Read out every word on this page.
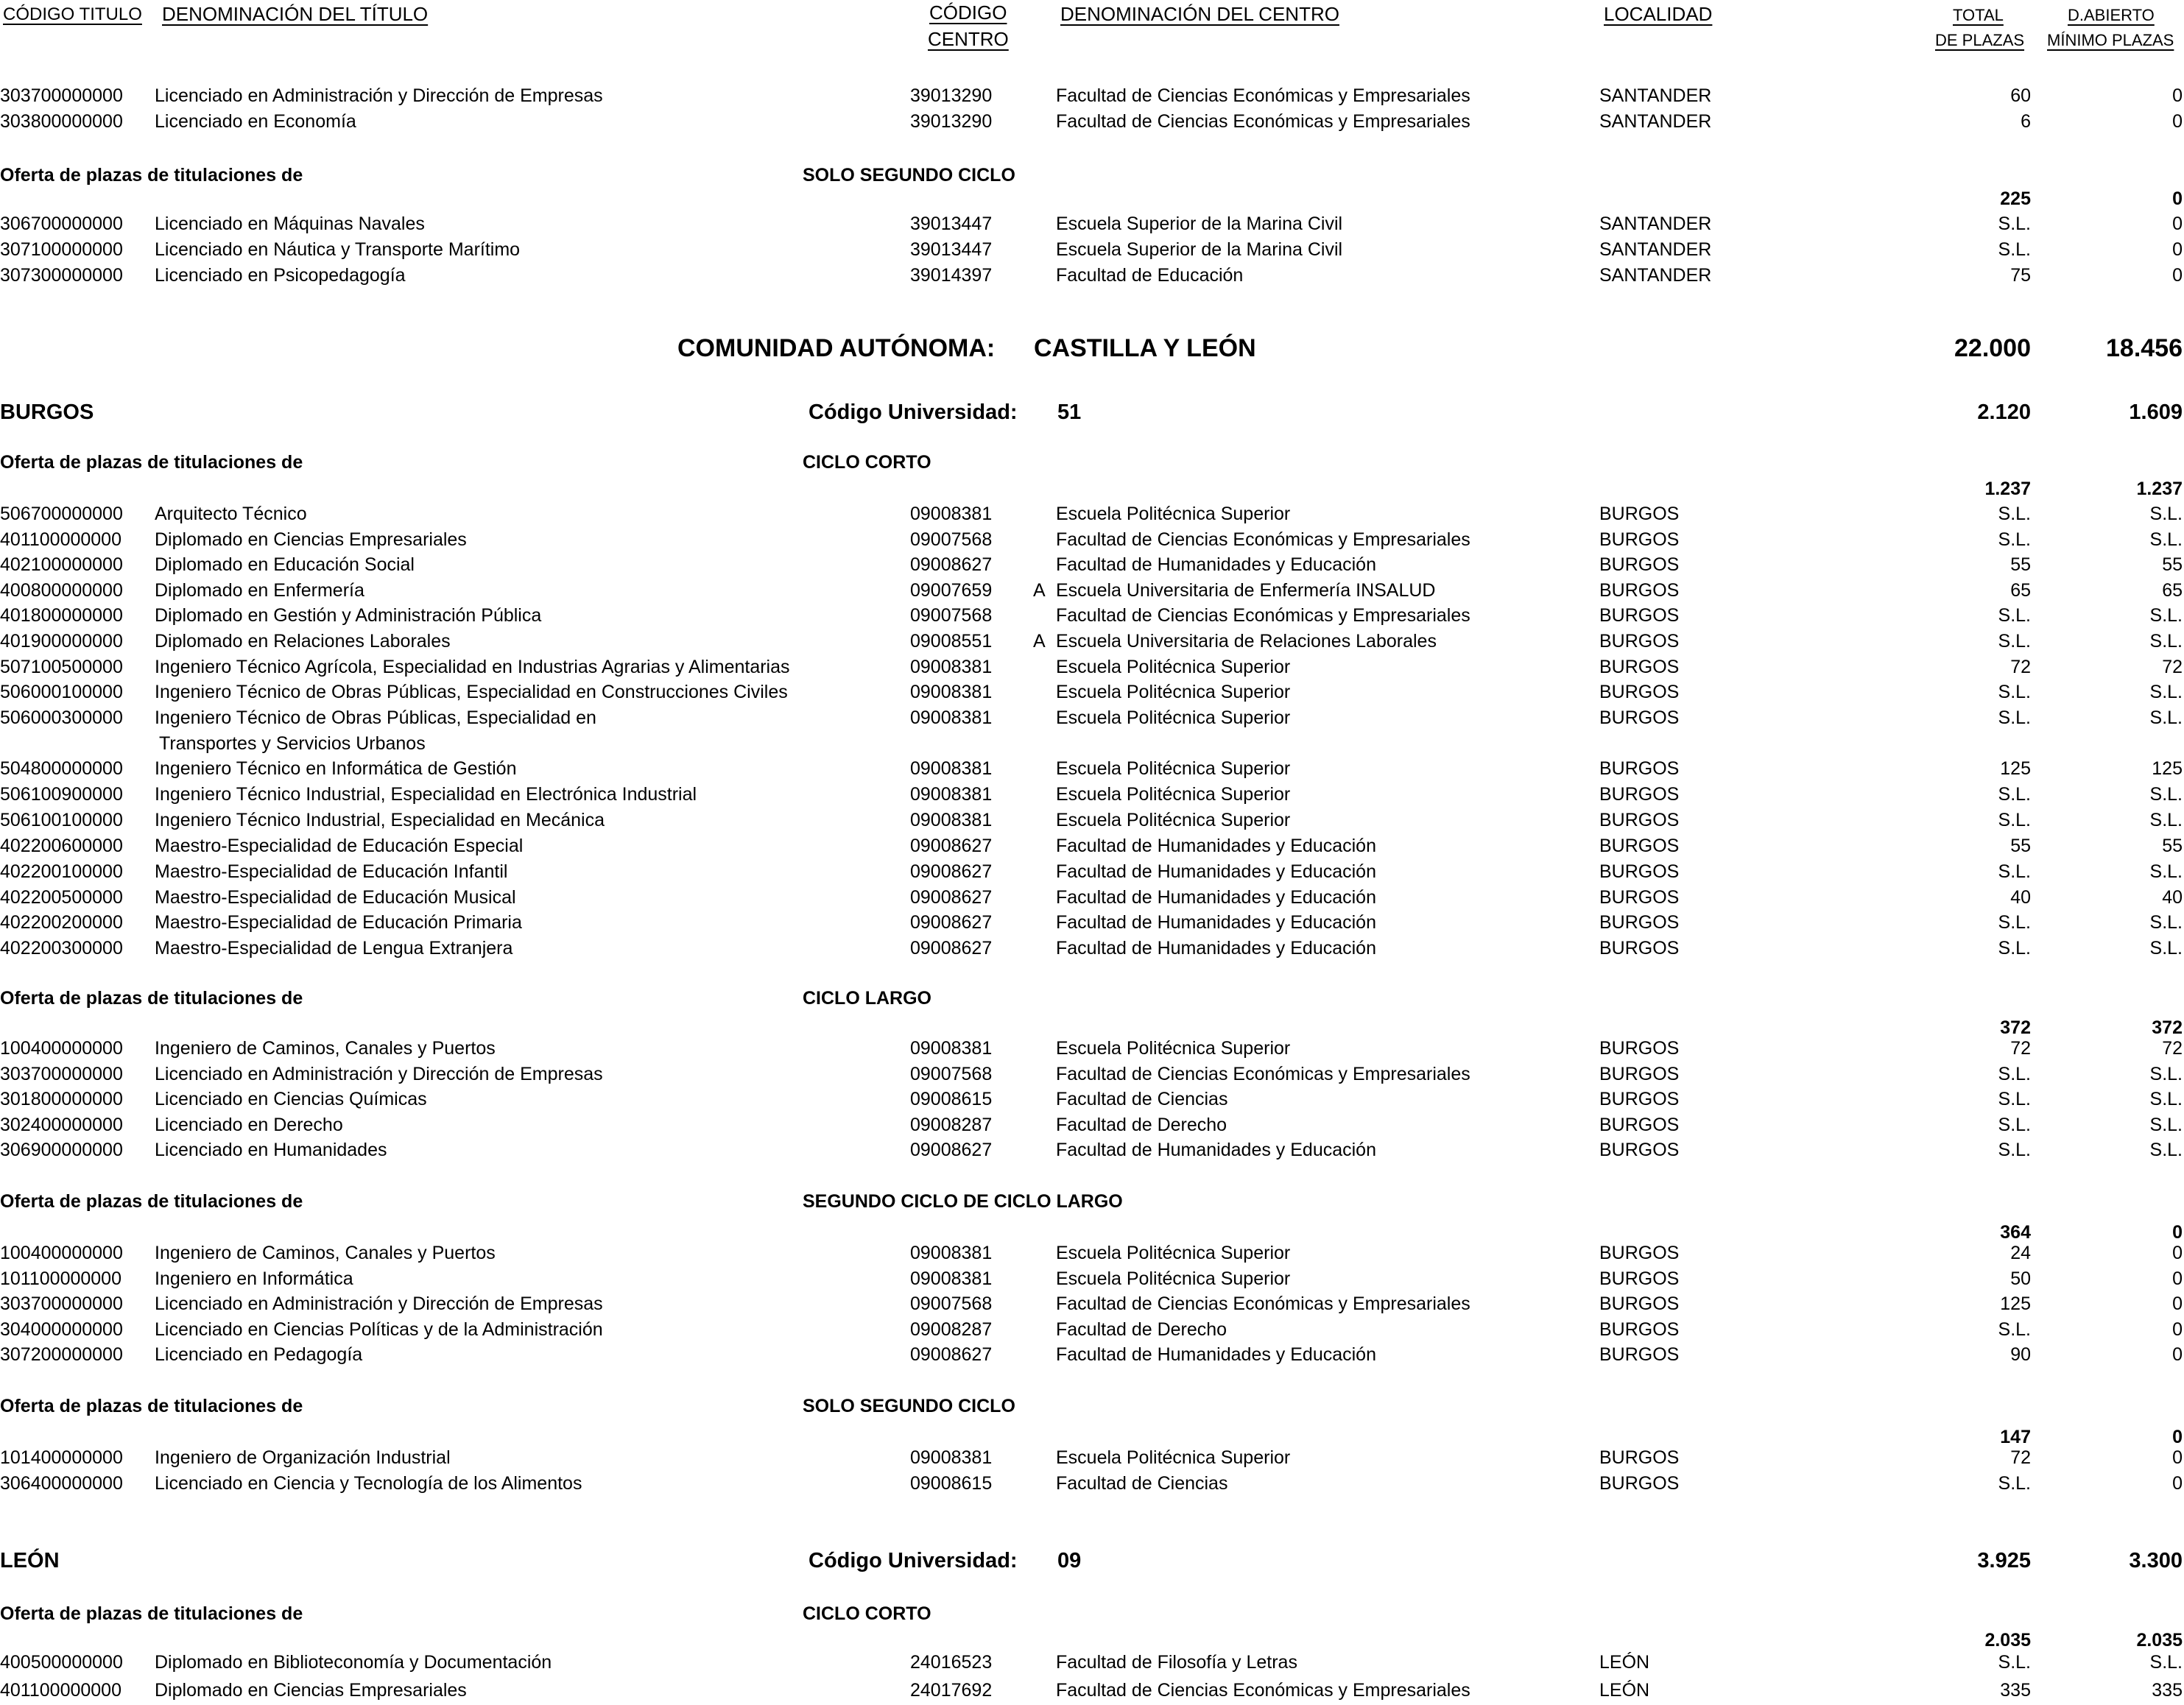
CÓDIGO TITULO DENOMINACIÓN DEL TÍTULO	CÓDIGO
CENTRO
DENOMINACIÓN DEL CENTRO	LOCALIDAD	TOTAL
DE PLAZAS
D.ABIERTO
MÍNIMO PLAZAS
303700000000 Licenciado en Administración y Dirección de Empresas	39013290	Facultad de Ciencias Económicas y Empresariales	SANTANDER	60	0
303800000000 Licenciado en Economía	39013290	Facultad de Ciencias Económicas y Empresariales	SANTANDER	6	0
Oferta de plazas de titulaciones de	SOLO SEGUNDO CICLO
225	0
306700000000 Licenciado en Máquinas Navales	39013447	Escuela Superior de la Marina Civil	SANTANDER	S.L.	0
307100000000 Licenciado en Náutica y Transporte Marítimo	39013447	Escuela Superior de la Marina Civil	SANTANDER	S.L.	0
307300000000 Licenciado en Psicopedagogía	39014397	Facultad de Educación	SANTANDER	75	0
COMUNIDAD AUTÓNOMA: CASTILLA Y LEÓN	22.000	18.456
BURGOS	Código Universidad: 51	2.120	1.609
Oferta de plazas de titulaciones de	CICLO CORTO
1.237	1.237
506700000000 Arquitecto Técnico	09008381	Escuela Politécnica Superior	BURGOS	S.L.	S.L.
401100000000 Diplomado en Ciencias Empresariales	09007568	Facultad de Ciencias Económicas y Empresariales	BURGOS	S.L.	S.L.
402100000000 Diplomado en Educación Social	09008627	Facultad de Humanidades y Educación	BURGOS	55	55
400800000000 Diplomado en Enfermería	09007659 A Escuela Universitaria de Enfermería INSALUD	BURGOS	65	65
401800000000 Diplomado en Gestión y Administración Pública	09007568	Facultad de Ciencias Económicas y Empresariales	BURGOS	S.L.	S.L.
401900000000 Diplomado en Relaciones Laborales	09008551 A Escuela Universitaria de Relaciones Laborales	BURGOS	S.L.	S.L.
507100500000 Ingeniero Técnico Agrícola, Especialidad en Industrias Agrarias y Alimentarias	09008381	Escuela Politécnica Superior	BURGOS	72	72
506000100000 Ingeniero Técnico de Obras Públicas, Especialidad en Construcciones Civiles	09008381	Escuela Politécnica Superior	BURGOS	S.L.	S.L.
506000300000 Ingeniero Técnico de Obras Públicas, Especialidad en	09008381	Escuela Politécnica Superior	BURGOS	S.L.	S.L.
Transportes y Servicios Urbanos
504800000000 Ingeniero Técnico en Informática de Gestión	09008381	Escuela Politécnica Superior	BURGOS	125	125
506100900000 Ingeniero Técnico Industrial, Especialidad en Electrónica Industrial	09008381	Escuela Politécnica Superior	BURGOS	S.L.	S.L.
506100100000 Ingeniero Técnico Industrial, Especialidad en Mecánica	09008381	Escuela Politécnica Superior	BURGOS	S.L.	S.L.
402200600000 Maestro-Especialidad de Educación Especial	09008627	Facultad de Humanidades y Educación	BURGOS	55	55
402200100000 Maestro-Especialidad de Educación Infantil	09008627	Facultad de Humanidades y Educación	BURGOS	S.L.	S.L.
402200500000 Maestro-Especialidad de Educación Musical	09008627	Facultad de Humanidades y Educación	BURGOS	40	40
402200200000 Maestro-Especialidad de Educación Primaria	09008627	Facultad de Humanidades y Educación	BURGOS	S.L.	S.L.
402200300000 Maestro-Especialidad de Lengua Extranjera	09008627	Facultad de Humanidades y Educación	BURGOS	S.L.	S.L.
Oferta de plazas de titulaciones de	CICLO LARGO
372	372
100400000000 Ingeniero de Caminos, Canales y Puertos	09008381	Escuela Politécnica Superior	BURGOS	72	72
303700000000 Licenciado en Administración y Dirección de Empresas	09007568	Facultad de Ciencias Económicas y Empresariales	BURGOS	S.L.	S.L.
301800000000 Licenciado en Ciencias Químicas	09008615	Facultad de Ciencias	BURGOS	S.L.	S.L.
302400000000 Licenciado en Derecho	09008287	Facultad de Derecho	BURGOS	S.L.	S.L.
306900000000 Licenciado en Humanidades	09008627	Facultad de Humanidades y Educación	BURGOS	S.L.	S.L.
Oferta de plazas de titulaciones de	SEGUNDO CICLO DE CICLO LARGO
364	0
100400000000 Ingeniero de Caminos, Canales y Puertos	09008381	Escuela Politécnica Superior	BURGOS	24	0
101100000000 Ingeniero en Informática	09008381	Escuela Politécnica Superior	BURGOS	50	0
303700000000 Licenciado en Administración y Dirección de Empresas	09007568	Facultad de Ciencias Económicas y Empresariales	BURGOS	125	0
304000000000 Licenciado en Ciencias Políticas y de la Administración	09008287	Facultad de Derecho	BURGOS	S.L.	0
307200000000 Licenciado en Pedagogía	09008627	Facultad de Humanidades y Educación	BURGOS	90	0
Oferta de plazas de titulaciones de	SOLO SEGUNDO CICLO
147	0
101400000000 Ingeniero de Organización Industrial	09008381	Escuela Politécnica Superior	BURGOS	72	0
306400000000 Licenciado en Ciencia y Tecnología de los Alimentos	09008615	Facultad de Ciencias	BURGOS	S.L.	0
LEÓN	Código Universidad: 09	3.925	3.300
Oferta de plazas de titulaciones de	CICLO CORTO
2.035	2.035
400500000000 Diplomado en Biblioteconomía y Documentación	24016523	Facultad de Filosofía y Letras	LEÓN	S.L.	S.L.
401100000000 Diplomado en Ciencias Empresariales	24017692	Facultad de Ciencias Económicas y Empresariales	LEÓN	335	335
